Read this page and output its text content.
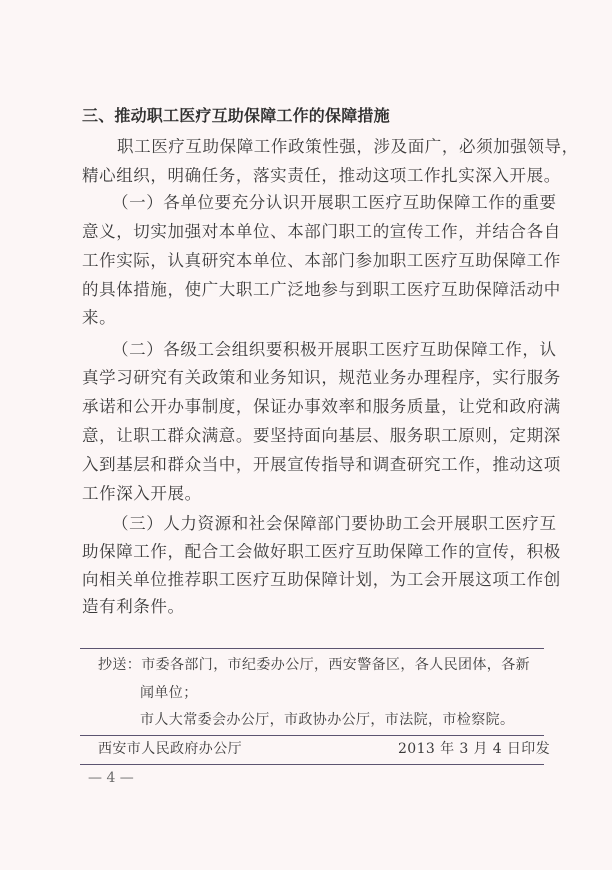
三、推动职工医疗互助保障工作的保障措施
职工医疗互助保障工作政策性强，涉及面广，必须加强领导，
精心组织，明确任务，落实责任，推动这项工作扎实深入开展。
（一）各单位要充分认识开展职工医疗互助保障工作的重要
意义，切实加强对本单位、本部门职工的宣传工作，并结合各自
工作实际，认真研究本单位、本部门参加职工医疗互助保障工作
的具体措施，使广大职工广泛地参与到职工医疗互助保障活动中
来。
（二）各级工会组织要积极开展职工医疗互助保障工作，认
真学习研究有关政策和业务知识，规范业务办理程序，实行服务
承诺和公开办事制度，保证办事效率和服务质量，让党和政府满
意，让职工群众满意。要坚持面向基层、服务职工原则，定期深
入到基层和群众当中，开展宣传指导和调查研究工作，推动这项
工作深入开展。
（三）人力资源和社会保障部门要协助工会开展职工医疗互
助保障工作，配合工会做好职工医疗互助保障工作的宣传，积极
向相关单位推荐职工医疗互助保障计划，为工会开展这项工作创
造有利条件。
抄送：市委各部门，市纪委办公厅，西安警备区，各人民团体，各新
闻单位；
市人大常委会办公厅，市政协办公厅，市法院，市检察院。
西安市人民政府办公厅	2013 年 3 月 4 日印发
— 4 —
